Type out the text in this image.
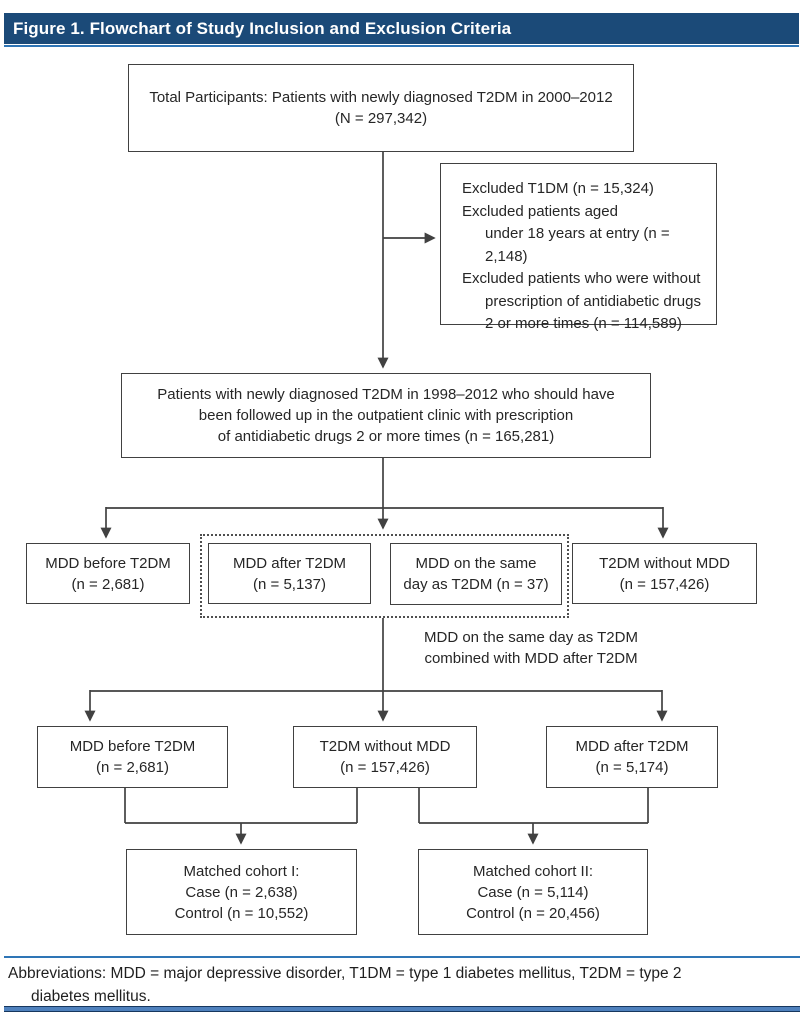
Figure 1. Flowchart of Study Inclusion and Exclusion Criteria
Total Participants: Patients with newly diagnosed T2DM in 2000–2012
(N = 297,342)
Excluded T1DM (n = 15,324)
Excluded patients aged
under 18 years at entry (n = 2,148)
Excluded patients who were without
prescription of antidiabetic drugs
2 or more times (n = 114,589)
Patients with newly diagnosed T2DM in 1998–2012 who should have
been followed up in the outpatient clinic with prescription
of antidiabetic drugs 2 or more times (n = 165,281)
MDD before T2DM
(n = 2,681)
MDD after T2DM
(n = 5,137)
MDD on the same
day as T2DM (n = 37)
T2DM without MDD
(n = 157,426)
MDD on the same day as T2DM
combined with MDD after T2DM
MDD before T2DM
(n = 2,681)
T2DM without MDD
(n = 157,426)
MDD after T2DM
(n = 5,174)
Matched cohort I:
Case (n = 2,638)
Control (n = 10,552)
Matched cohort II:
Case (n = 5,114)
Control (n = 20,456)
Abbreviations: MDD = major depressive disorder, T1DM = type 1 diabetes mellitus, T2DM = type 2
diabetes mellitus.
